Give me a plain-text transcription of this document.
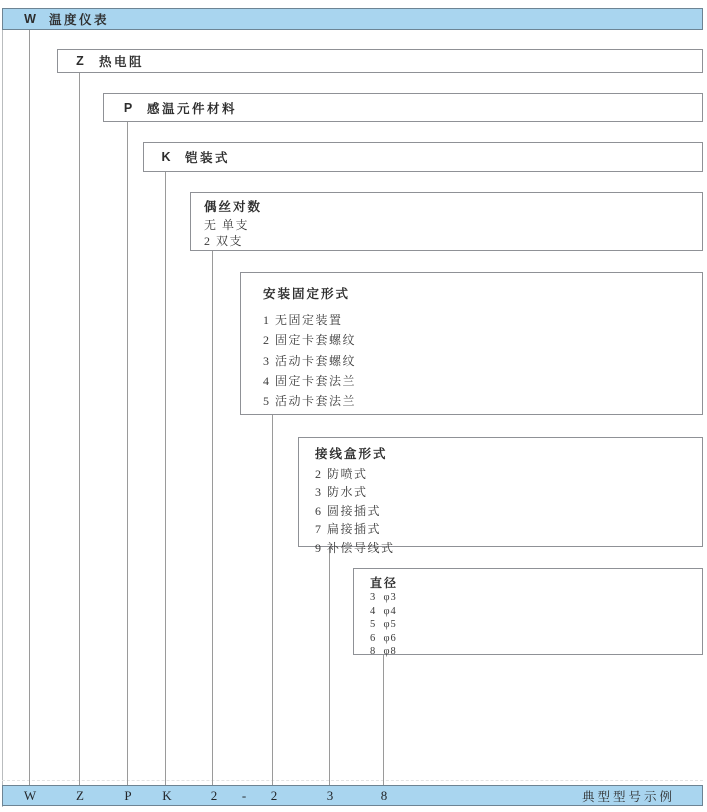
W 温度仪表
Z	热电阻
P	感温元件材料
K 铠装式
偶丝对数
无 单支
2 双支
安装固定形式
1 无固定装置
2 固定卡套螺纹
3 活动卡套螺纹
4 固定卡套法兰
5 活动卡套法兰
接线盒形式
2 防喷式
3 防水式
6 圆接插式
7 扁接插式
9 补偿导线式
直径
3  φ3
4  φ4
5  φ5
6  φ6
8  φ8
W	Z	P K	2 - 2	3	8	典型型号示例
